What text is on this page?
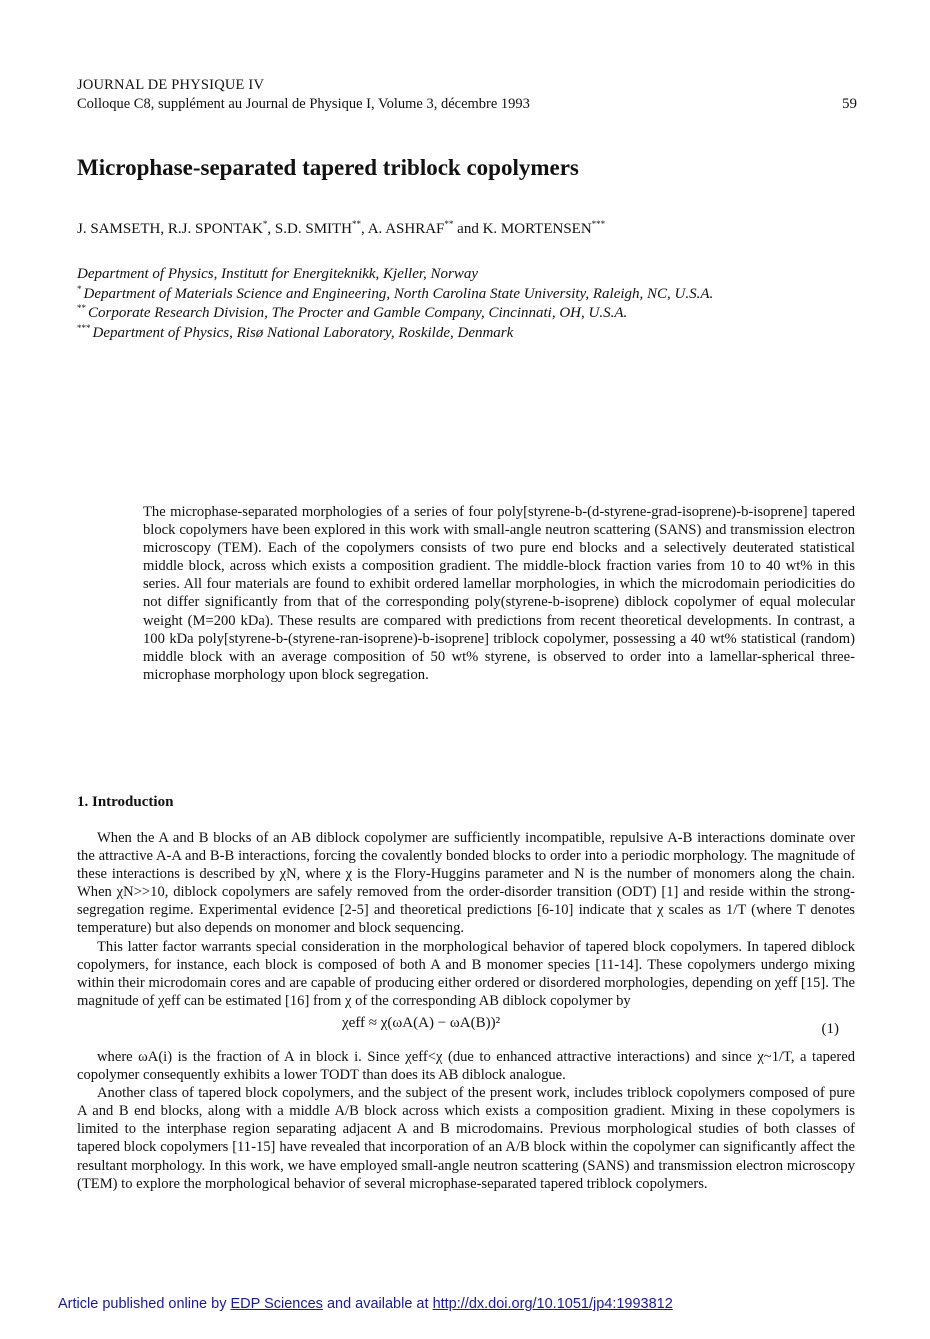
JOURNAL DE PHYSIQUE IV
Colloque C8, supplément au Journal de Physique I, Volume 3, décembre 1993	59
Microphase-separated tapered triblock copolymers
J. SAMSETH, R.J. SPONTAK*, S.D. SMITH**, A. ASHRAF** and K. MORTENSEN***
Department of Physics, Institutt for Energiteknikk, Kjeller, Norway
* Department of Materials Science and Engineering, North Carolina State University, Raleigh, NC, U.S.A.
** Corporate Research Division, The Procter and Gamble Company, Cincinnati, OH, U.S.A.
*** Department of Physics, Risø National Laboratory, Roskilde, Denmark
The microphase-separated morphologies of a series of four poly[styrene-b-(d-styrene-grad-isoprene)-b-isoprene] tapered block copolymers have been explored in this work with small-angle neutron scattering (SANS) and transmission electron microscopy (TEM). Each of the copolymers consists of two pure end blocks and a selectively deuterated statistical middle block, across which exists a composition gradient. The middle-block fraction varies from 10 to 40 wt% in this series. All four materials are found to exhibit ordered lamellar morphologies, in which the microdomain periodicities do not differ significantly from that of the corresponding poly(styrene-b-isoprene) diblock copolymer of equal molecular weight (M=200 kDa). These results are compared with predictions from recent theoretical developments. In contrast, a 100 kDa poly[styrene-b-(styrene-ran-isoprene)-b-isoprene] triblock copolymer, possessing a 40 wt% statistical (random) middle block with an average composition of 50 wt% styrene, is observed to order into a lamellar-spherical three-microphase morphology upon block segregation.
1. Introduction

When the A and B blocks of an AB diblock copolymer are sufficiently incompatible, repulsive A-B interactions dominate over the attractive A-A and B-B interactions, forcing the covalently bonded blocks to order into a periodic morphology. The magnitude of these interactions is described by χN, where χ is the Flory-Huggins parameter and N is the number of monomers along the chain. When χN>>10, diblock copolymers are safely removed from the order-disorder transition (ODT) [1] and reside within the strong-segregation regime. Experimental evidence [2-5] and theoretical predictions [6-10] indicate that χ scales as 1/T (where T denotes temperature) but also depends on monomer and block sequencing.

This latter factor warrants special consideration in the morphological behavior of tapered block copolymers. In tapered diblock copolymers, for instance, each block is composed of both A and B monomer species [11-14]. These copolymers undergo mixing within their microdomain cores and are capable of producing either ordered or disordered morphologies, depending on χeff [15]. The magnitude of χeff can be estimated [16] from χ of the corresponding AB diblock copolymer by

χeff ≈ χ(ωA(A) − ωA(B))²	(1)

where ωA(i) is the fraction of A in block i. Since χeff<χ (due to enhanced attractive interactions) and since χ~1/T, a tapered copolymer consequently exhibits a lower TODT than does its AB diblock analogue.

Another class of tapered block copolymers, and the subject of the present work, includes triblock copolymers composed of pure A and B end blocks, along with a middle A/B block across which exists a composition gradient. Mixing in these copolymers is limited to the interphase region separating adjacent A and B microdomains. Previous morphological studies of both classes of tapered block copolymers [11-15] have revealed that incorporation of an A/B block within the copolymer can significantly affect the resultant morphology. In this work, we have employed small-angle neutron scattering (SANS) and transmission electron microscopy (TEM) to explore the morphological behavior of several microphase-separated tapered triblock copolymers.

Article published online by EDP Sciences and available at http://dx.doi.org/10.1051/jp4:1993812
